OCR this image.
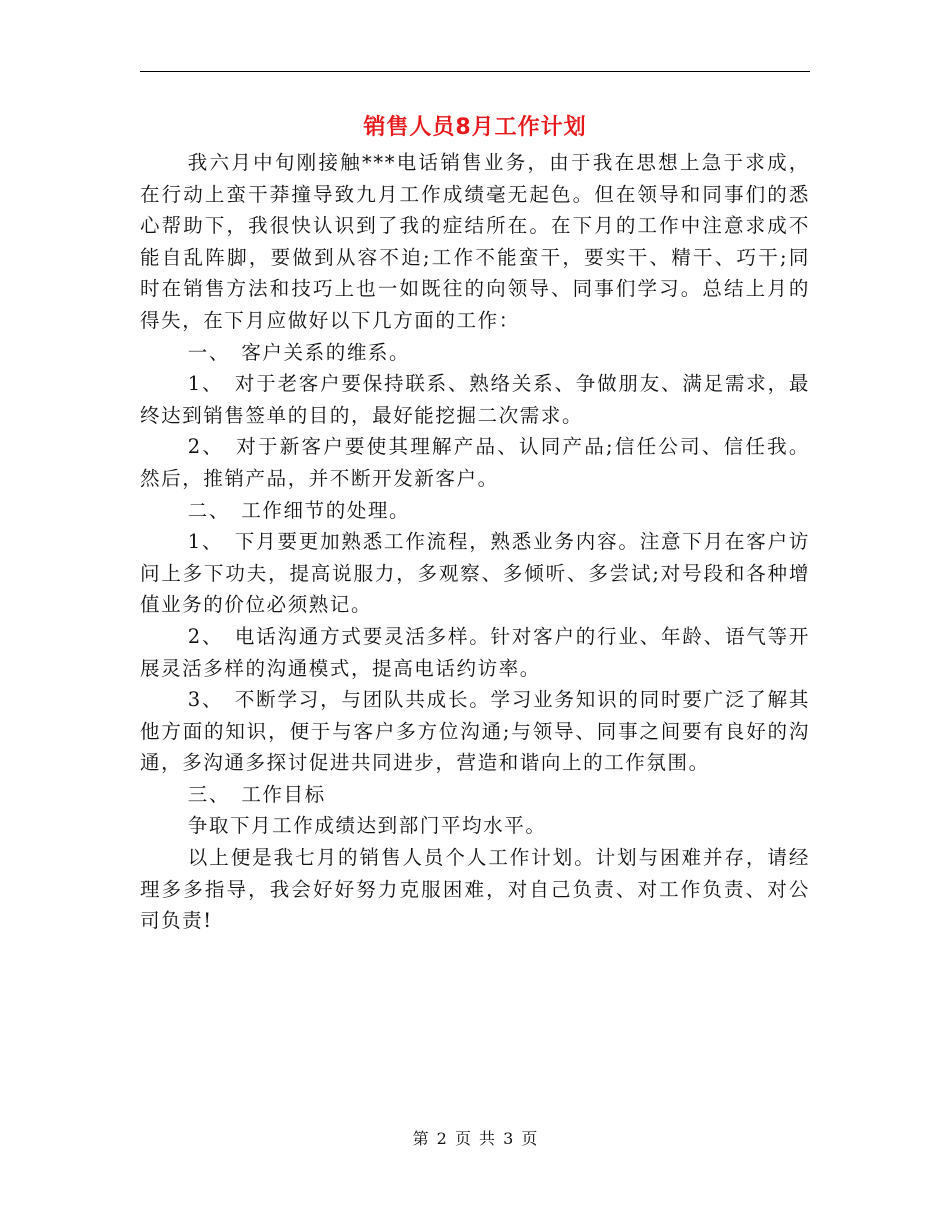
销售人员8月工作计划

我六月中旬刚接触***电话销售业务，由于我在思想上急于求成，在行动上蛮干莽撞导致九月工作成绩毫无起色。但在领导和同事们的悉心帮助下，我很快认识到了我的症结所在。在下月的工作中注意求成不能自乱阵脚，要做到从容不迫;工作不能蛮干，要实干、精干、巧干;同时在销售方法和技巧上也一如既往的向领导、同事们学习。总结上月的得失，在下月应做好以下几方面的工作：

一、　客户关系的维系。

1、　对于老客户要保持联系、熟络关系、争做朋友、满足需求，最终达到销售签单的目的，最好能挖掘二次需求。

2、　对于新客户要使其理解产品、认同产品;信任公司、信任我。然后，推销产品，并不断开发新客户。

二、　工作细节的处理。

1、　下月要更加熟悉工作流程，熟悉业务内容。注意下月在客户访问上多下功夫，提高说服力，多观察、多倾听、多尝试;对号段和各种增值业务的价位必须熟记。

2、　电话沟通方式要灵活多样。针对客户的行业、年龄、语气等开展灵活多样的沟通模式，提高电话约访率。

3、　不断学习，与团队共成长。学习业务知识的同时要广泛了解其他方面的知识，便于与客户多方位沟通;与领导、同事之间要有良好的沟通，多沟通多探讨促进共同进步，营造和谐向上的工作氛围。

三、　工作目标

争取下月工作成绩达到部门平均水平。

以上便是我七月的销售人员个人工作计划。计划与困难并存，请经理多多指导，我会好好努力克服困难，对自己负责、对工作负责、对公司负责!

第 2 页 共 3 页
